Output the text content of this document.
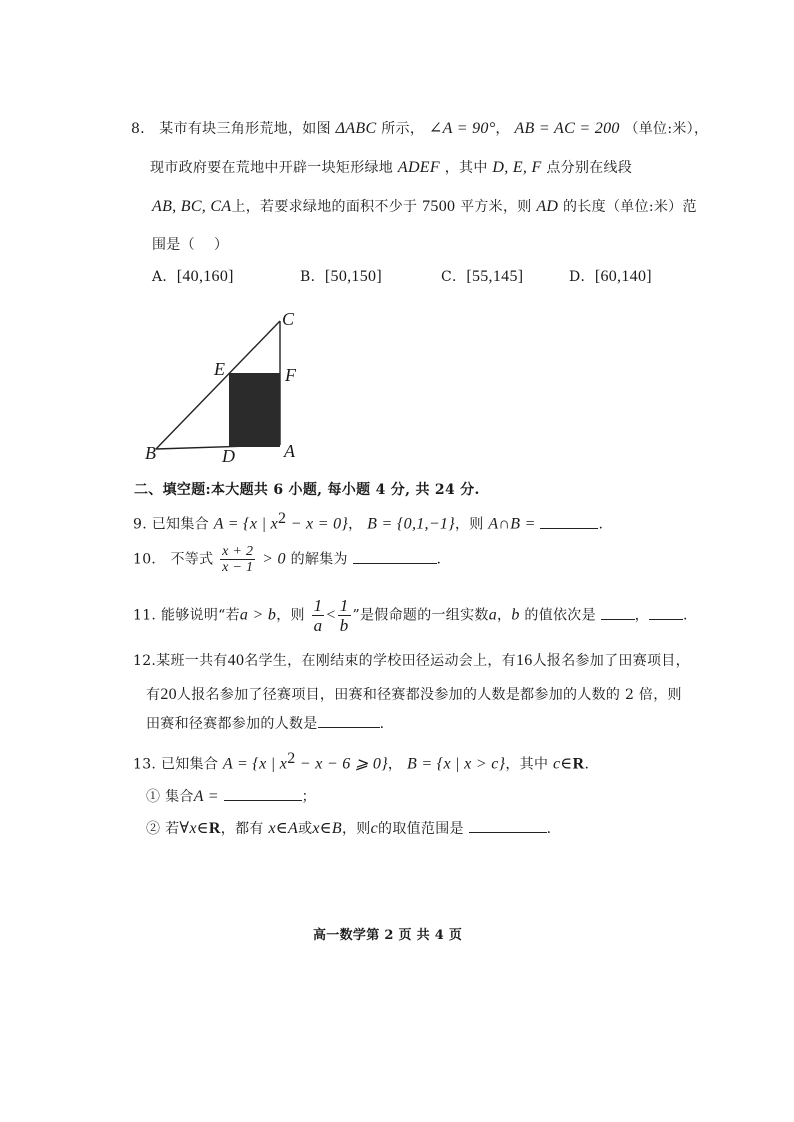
8． 某市有块三角形荒地，如图 ΔABC 所示， ∠A = 90°， AB = AC = 200 （单位:米），
现市政府要在荒地中开辟一块矩形绿地 ADEF ，其中 D, E, F 点分别在线段
AB, BC, CA上，若要求绿地的面积不少于 7500 平方米，则 AD 的长度（单位:米）范
围是（　 ）
A．[40,160]	B．[50,150]	C．[55,145]	D．[60,140]
C
E	F
B	D	A
二、填空题:本大题共 6 小题, 每小题 4 分, 共 24 分.
9. 已知集合 A = {x | $x^2 - x = 0$}， B = {0,1,−1}，则 A∩B =	.
10． 不等式 $\frac{x + 2}{x - 1} > 0$ 的解集为	.
11. 能够说明“若a > b，则 $\frac{1}{a} < \frac{1}{b}$ ”是假命题的一组实数a，b 的值依次是	， .
12.某班一共有40名学生，在刚结束的学校田径运动会上，有16人报名参加了田赛项目，
有20人报名参加了径赛项目，田赛和径赛都没参加的人数是都参加的人数的 2 倍，则
田赛和径赛都参加的人数是	.
13. 已知集合 A = {x | $x^2 - x - 6$ ⩾ 0}， B = {x | x > c}，其中 c∈R.
① 集合A =	；
② 若∀x∈R，都有 x∈A或x∈B，则c的取值范围是	.
高一数学第 2 页 共 4 页
